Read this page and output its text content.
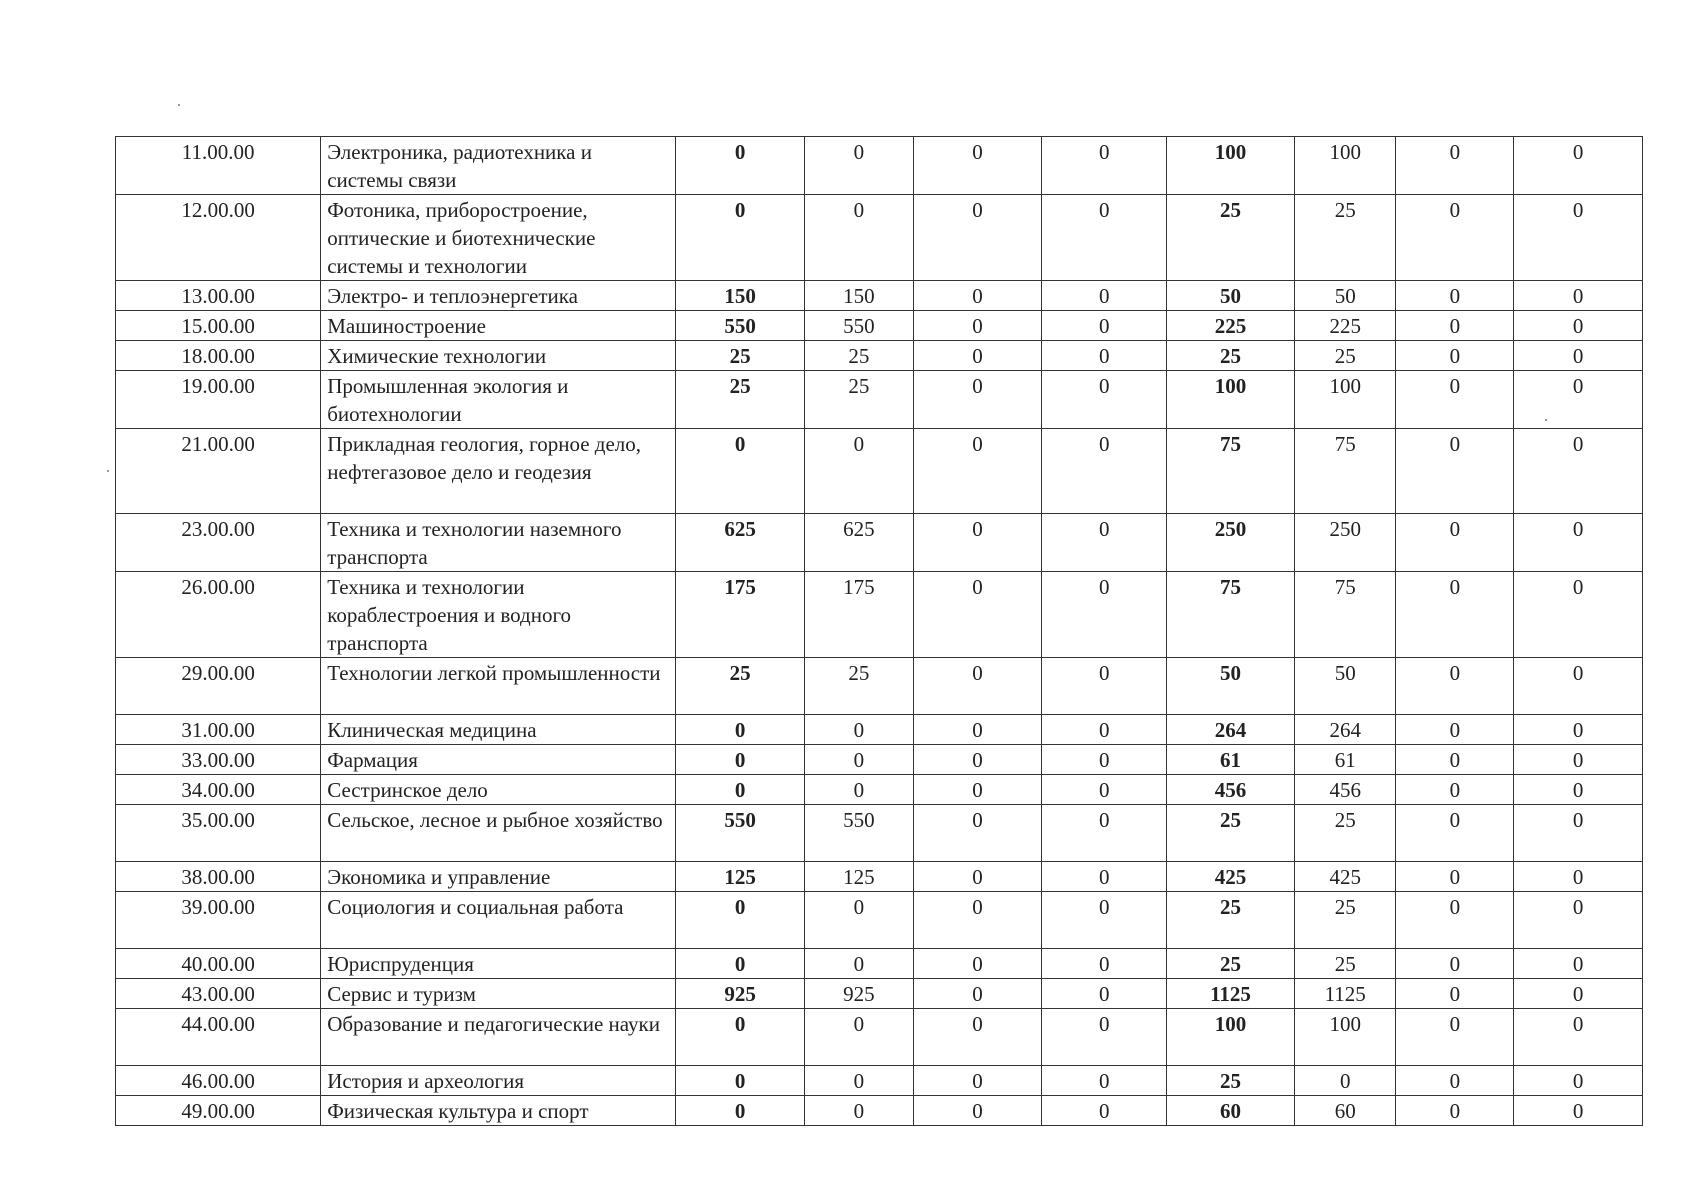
11.00.00	Электроника, радиотехника и системы связи	0	0	0	0	100	100	0	0
12.00.00	Фотоника, приборостроение, оптические и биотехнические системы и технологии	0	0	0	0	25	25	0	0
13.00.00	Электро- и теплоэнергетика	150	150	0	0	50	50	0	0
15.00.00	Машиностроение	550	550	0	0	225	225	0	0
18.00.00	Химические технологии	25	25	0	0	25	25	0	0
19.00.00	Промышленная экология и биотехнологии	25	25	0	0	100	100	0	0
21.00.00	Прикладная геология, горное дело, нефтегазовое дело и геодезия	0	0	0	0	75	75	0	0
23.00.00	Техника и технологии наземного транспорта	625	625	0	0	250	250	0	0
26.00.00	Техника и технологии кораблестроения и водного транспорта	175	175	0	0	75	75	0	0
29.00.00	Технологии легкой промышленности	25	25	0	0	50	50	0	0
31.00.00	Клиническая медицина	0	0	0	0	264	264	0	0
33.00.00	Фармация	0	0	0	0	61	61	0	0
34.00.00	Сестринское дело	0	0	0	0	456	456	0	0
35.00.00	Сельское, лесное и рыбное хозяйство	550	550	0	0	25	25	0	0
38.00.00	Экономика и управление	125	125	0	0	425	425	0	0
39.00.00	Социология и социальная работа	0	0	0	0	25	25	0	0
40.00.00	Юриспруденция	0	0	0	0	25	25	0	0
43.00.00	Сервис и туризм	925	925	0	0	1125	1125	0	0
44.00.00	Образование и педагогические науки	0	0	0	0	100	100	0	0
46.00.00	История и археология	0	0	0	0	25	0	0	0
49.00.00	Физическая культура и спорт	0	0	0	0	60	60	0	0
